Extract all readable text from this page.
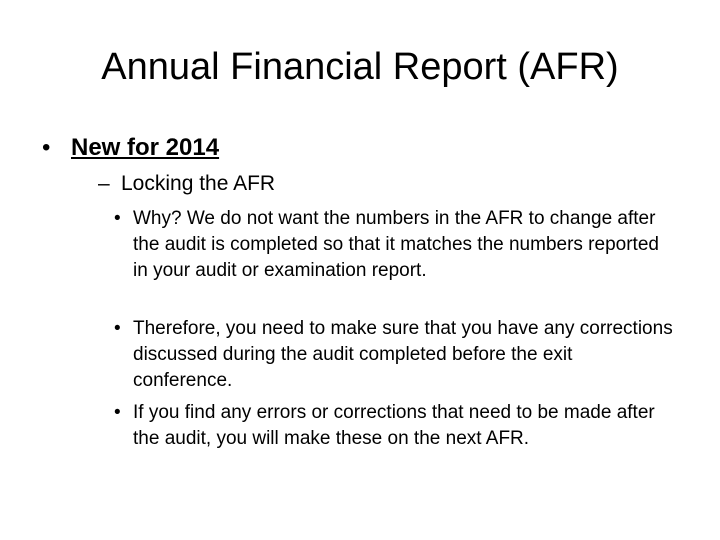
Annual Financial Report (AFR)
• New for 2014
– Locking the AFR
• Why? We do not want the numbers in the AFR to change after the audit is completed so that it matches the numbers reported in your audit or examination report.
• Therefore, you need to make sure that you have any corrections discussed during the audit completed before the exit conference.
• If you find any errors or corrections that need to be made after the audit, you will make these on the next AFR.
